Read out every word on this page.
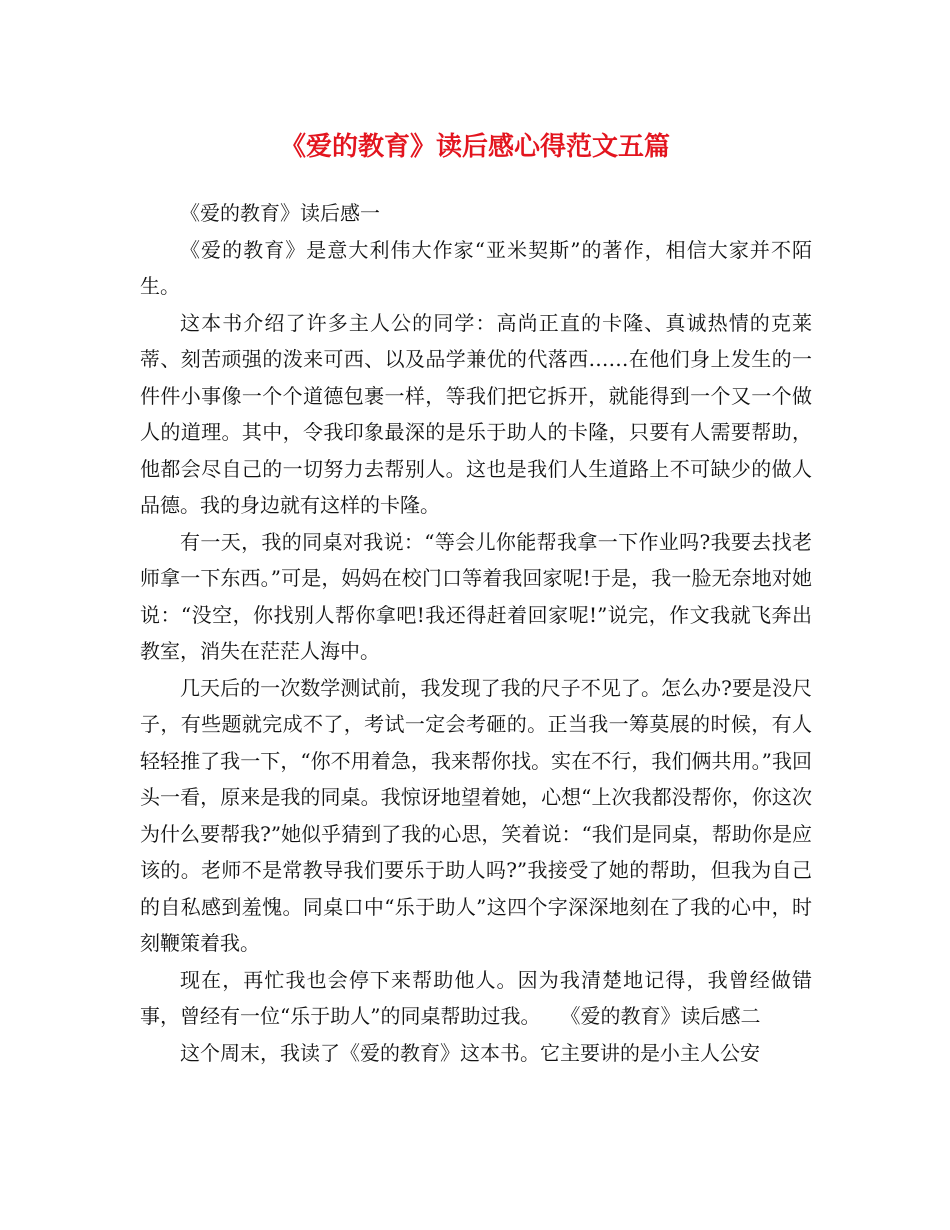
《爱的教育》读后感心得范文五篇

《爱的教育》读后感一

《爱的教育》是意大利伟大作家“亚米契斯”的著作，相信大家并不陌生。

这本书介绍了许多主人公的同学：高尚正直的卡隆、真诚热情的克莱蒂、刻苦顽强的泼来可西、以及品学兼优的代落西……在他们身上发生的一件件小事像一个个道德包裹一样，等我们把它拆开，就能得到一个又一个做人的道理。其中，令我印象最深的是乐于助人的卡隆，只要有人需要帮助，他都会尽自己的一切努力去帮别人。这也是我们人生道路上不可缺少的做人品德。我的身边就有这样的卡隆。

有一天，我的同桌对我说：“等会儿你能帮我拿一下作业吗?我要去找老师拿一下东西。”可是，妈妈在校门口等着我回家呢!于是，我一脸无奈地对她说：“没空，你找别人帮你拿吧!我还得赶着回家呢!”说完，作文我就飞奔出教室，消失在茫茫人海中。

几天后的一次数学测试前，我发现了我的尺子不见了。怎么办?要是没尺子，有些题就完成不了，考试一定会考砸的。正当我一筹莫展的时候，有人轻轻推了我一下，“你不用着急，我来帮你找。实在不行，我们俩共用。”我回头一看，原来是我的同桌。我惊讶地望着她，心想“上次我都没帮你，你这次为什么要帮我?”她似乎猜到了我的心思，笑着说：“我们是同桌，帮助你是应该的。老师不是常教导我们要乐于助人吗?”我接受了她的帮助，但我为自己的自私感到羞愧。同桌口中“乐于助人”这四个字深深地刻在了我的心中，时刻鞭策着我。

现在，再忙我也会停下来帮助他人。因为我清楚地记得，我曾经做错事，曾经有一位“乐于助人”的同桌帮助过我。　　《爱的教育》读后感二

这个周末，我读了《爱的教育》这本书。它主要讲的是小主人公安
